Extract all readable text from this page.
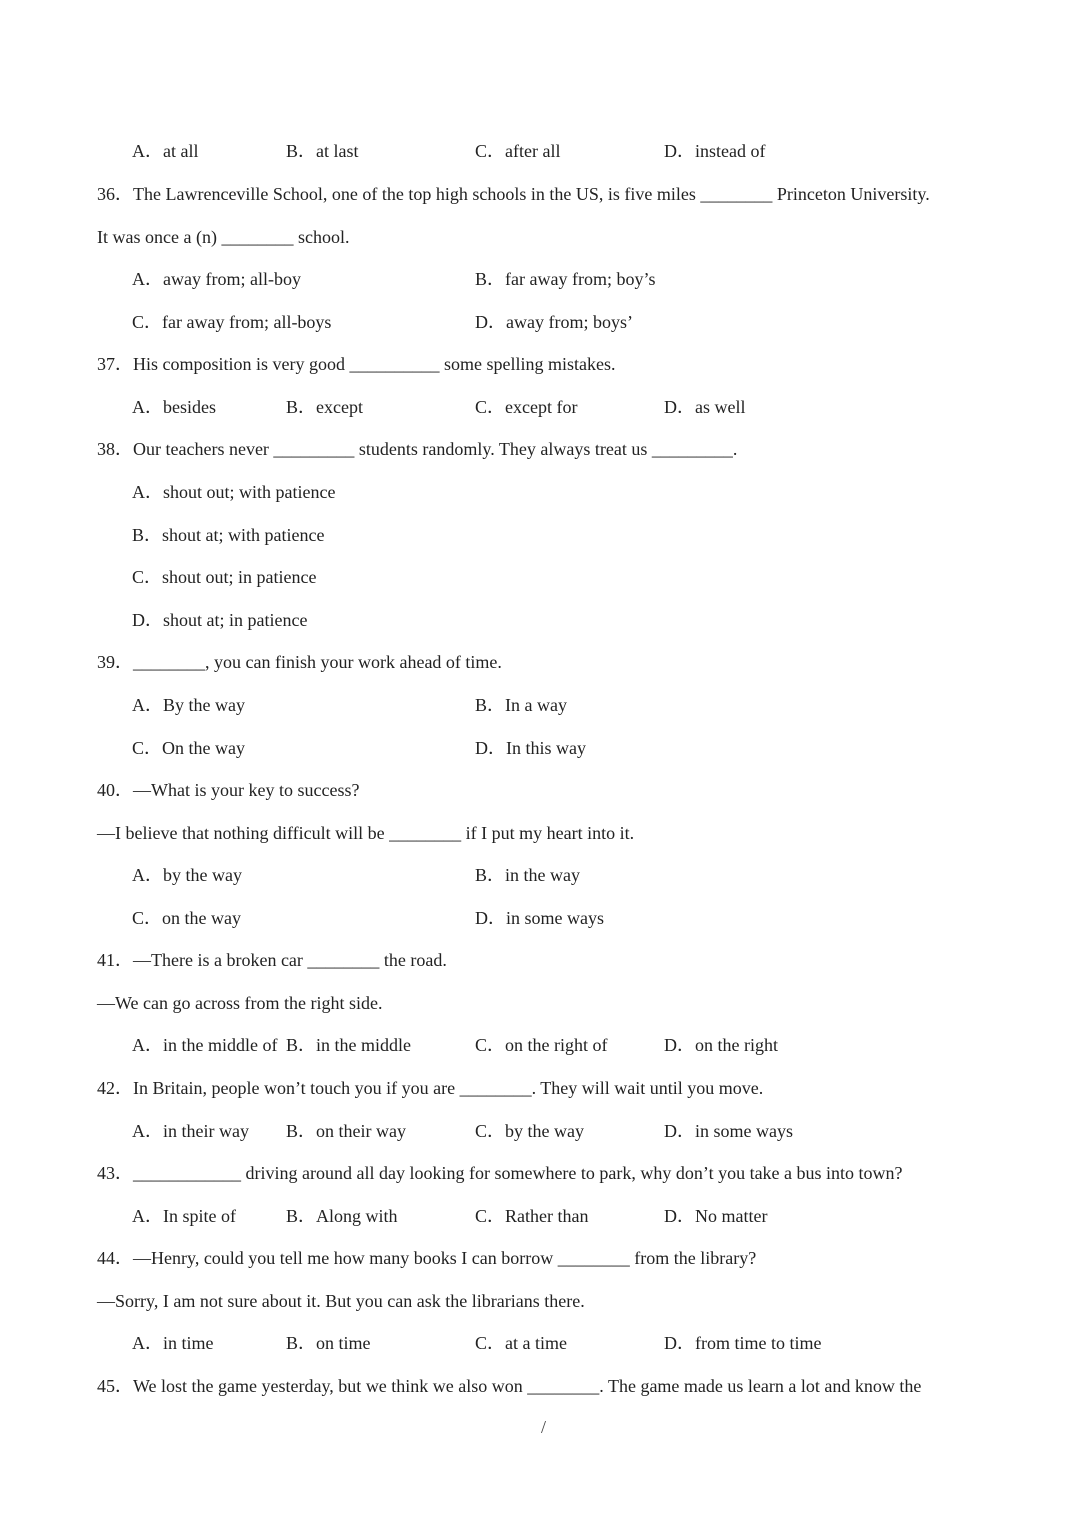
A．at all	B．at last	C．after all	D．instead of
36．The Lawrenceville School, one of the top high schools in the US, is five miles ________ Princeton University.
It was once a (n) ________ school.
A．away from; all-boy	B．far away from; boy’s
C．far away from; all-boys	D．away from; boys’
37．His composition is very good __________ some spelling mistakes.
A．besides	B．except	C．except for	D．as well
38．Our teachers never _________ students randomly. They always treat us _________.
A．shout out; with patience
B．shout at; with patience
C．shout out; in patience
D．shout at; in patience
39．________, you can finish your work ahead of time.
A．By the way	B．In a way
C．On the way	D．In this way
40．—What is your key to success?
—I believe that nothing difficult will be ________ if I put my heart into it.
A．by the way	B．in the way
C．on the way	D．in some ways
41．—There is a broken car ________ the road.
—We can go across from the right side.
A．in the middle of B．in the middle	C．on the right of	D．on the right
42．In Britain, people won’t touch you if you are ________. They will wait until you move.
A．in their way B．on their way	C．by the way	D．in some ways
43．____________ driving around all day looking for somewhere to park, why don’t you take a bus into town?
A．In spite of	B．Along with	C．Rather than	D．No matter
44．—Henry, could you tell me how many books I can borrow ________ from the library?
—Sorry, I am not sure about it. But you can ask the librarians there.
A．in time	B．on time	C．at a time	D．from time to time
45．We lost the game yesterday, but we think we also won ________. The game made us learn a lot and know the
/
